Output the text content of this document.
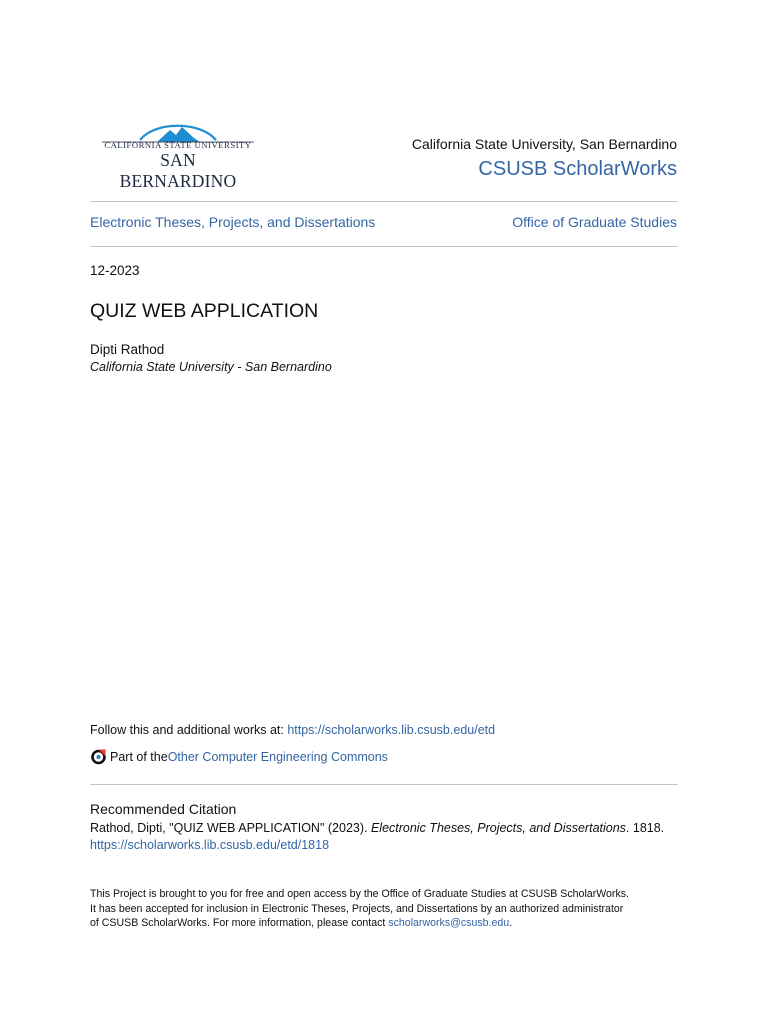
CALIFORNIA STATE UNIVERSITY
SAN BERNARDINO
California State University, San Bernardino
CSUSB ScholarWorks
Electronic Theses, Projects, and Dissertations	Office of Graduate Studies
12-2023
QUIZ WEB APPLICATION
Dipti Rathod
California State University - San Bernardino
Follow this and additional works at: https://scholarworks.lib.csusb.edu/etd
Part of the Other Computer Engineering Commons
Recommended Citation
Rathod, Dipti, "QUIZ WEB APPLICATION" (2023). Electronic Theses, Projects, and Dissertations. 1818.
https://scholarworks.lib.csusb.edu/etd/1818
This Project is brought to you for free and open access by the Office of Graduate Studies at CSUSB ScholarWorks.
It has been accepted for inclusion in Electronic Theses, Projects, and Dissertations by an authorized administrator
of CSUSB ScholarWorks. For more information, please contact scholarworks@csusb.edu.
